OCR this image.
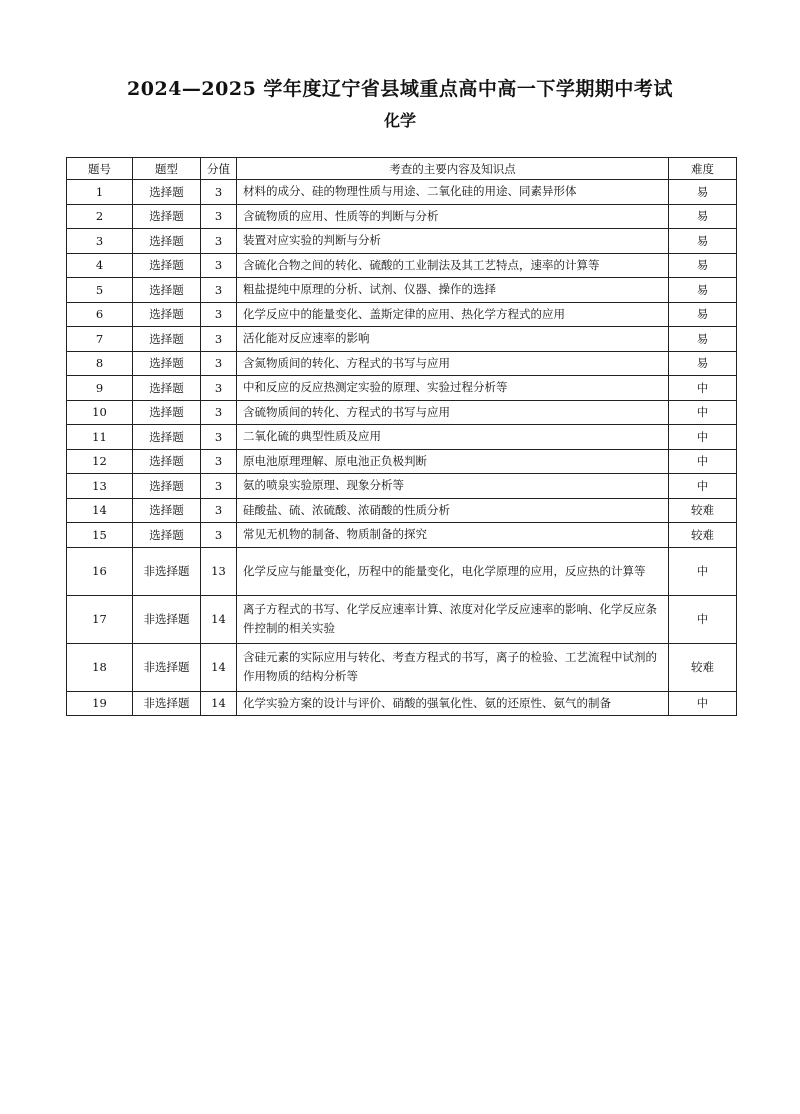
2024—2025 学年度辽宁省县域重点高中高一下学期期中考试
化学
题号	题型	分值	考查的主要内容及知识点	难度
1	选择题	3	材料的成分、硅的物理性质与用途、二氧化硅的用途、同素异形体	易
2	选择题	3	含硫物质的应用、性质等的判断与分析	易
3	选择题	3	装置对应实验的判断与分析	易
4	选择题	3	含硫化合物之间的转化、硫酸的工业制法及其工艺特点，速率的计算等	易
5	选择题	3	粗盐提纯中原理的分析、试剂、仪器、操作的选择	易
6	选择题	3	化学反应中的能量变化、盖斯定律的应用、热化学方程式的应用	易
7	选择题	3	活化能对反应速率的影响	易
8	选择题	3	含氮物质间的转化、方程式的书写与应用	易
9	选择题	3	中和反应的反应热测定实验的原理、实验过程分析等	中
10	选择题	3	含硫物质间的转化、方程式的书写与应用	中
11	选择题	3	二氧化硫的典型性质及应用	中
12	选择题	3	原电池原理理解、原电池正负极判断	中
13	选择题	3	氨的喷泉实验原理、现象分析等	中
14	选择题	3	硅酸盐、硫、浓硫酸、浓硝酸的性质分析	较难
15	选择题	3	常见无机物的制备、物质制备的探究	较难
16	非选择题	13	化学反应与能量变化，历程中的能量变化，电化学原理的应用，反应热的计算等	中
17	非选择题	14	离子方程式的书写、化学反应速率计算、浓度对化学反应速率的影响、化学反应条件控制的相关实验	中
18	非选择题	14	含硅元素的实际应用与转化、考查方程式的书写，离子的检验、工艺流程中试剂的作用物质的结构分析等	较难
19	非选择题	14	化学实验方案的设计与评价、硝酸的强氧化性、氨的还原性、氨气的制备	中
